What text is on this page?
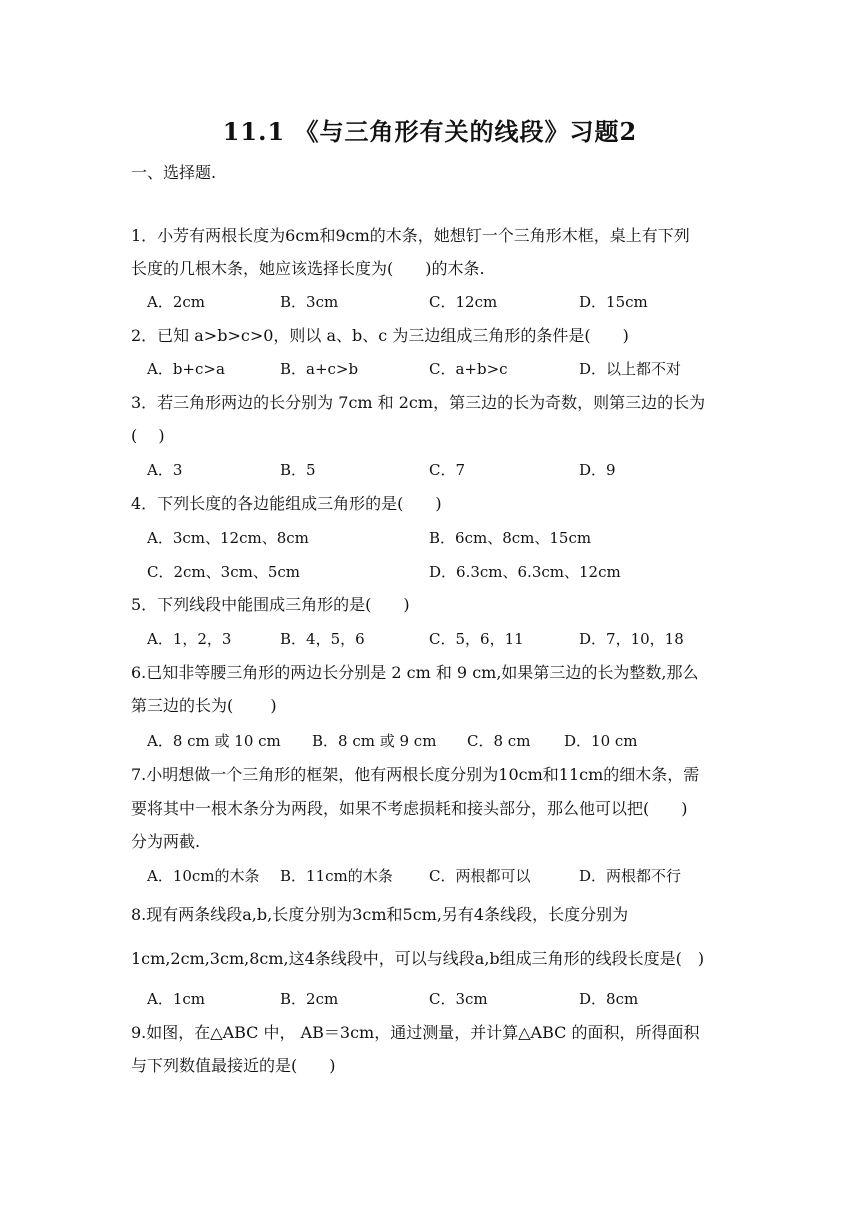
11.1 《与三角形有关的线段》习题2
一、选择题.
1．小芳有两根长度为6cm和9cm的木条，她想钉一个三角形木框，桌上有下列
长度的几根木条，她应该选择长度为(　　)的木条.
A．2cm	B．3cm	C．12cm	D．15cm
2．已知 a>b>c>0，则以 a、b、c 为三边组成三角形的条件是(　　)
A．b+c>a	B．a+c>b	C．a+b>c	D．以上都不对
3．若三角形两边的长分别为 7cm 和 2cm，第三边的长为奇数，则第三边的长为
(　 )
A．3	B．5	C．7	D．9
4．下列长度的各边能组成三角形的是(　　)
A．3cm、12cm、8cm	B．6cm、8cm、15cm
C．2cm、3cm、5cm	D．6.3cm、6.3cm、12cm
5．下列线段中能围成三角形的是(　　)
A．1，2，3	B．4，5，6	C．5，6，11	D．7，10，18
6.已知非等腰三角形的两边长分别是 2 cm 和 9 cm,如果第三边的长为整数,那么
第三边的长为(　　 )
A．8 cm 或 10 cm B．8 cm 或 9 cm C．8 cm D．10 cm
7.小明想做一个三角形的框架，他有两根长度分别为10cm和11cm的细木条，需
要将其中一根木条分为两段，如果不考虑损耗和接头部分，那么他可以把(　　)
分为两截.
A．10cm的木条 B．11cm的木条 C．两根都可以	D．两根都不行
8.现有两条线段a,b,长度分别为3cm和5cm,另有4条线段，长度分别为
1cm,2cm,3cm,8cm,这4条线段中，可以与线段a,b组成三角形的线段长度是(　)
A．1cm	B．2cm	C．3cm	D．8cm
9.如图，在△ABC 中， AB＝3cm，通过测量，并计算△ABC 的面积，所得面积
与下列数值最接近的是(　　)
